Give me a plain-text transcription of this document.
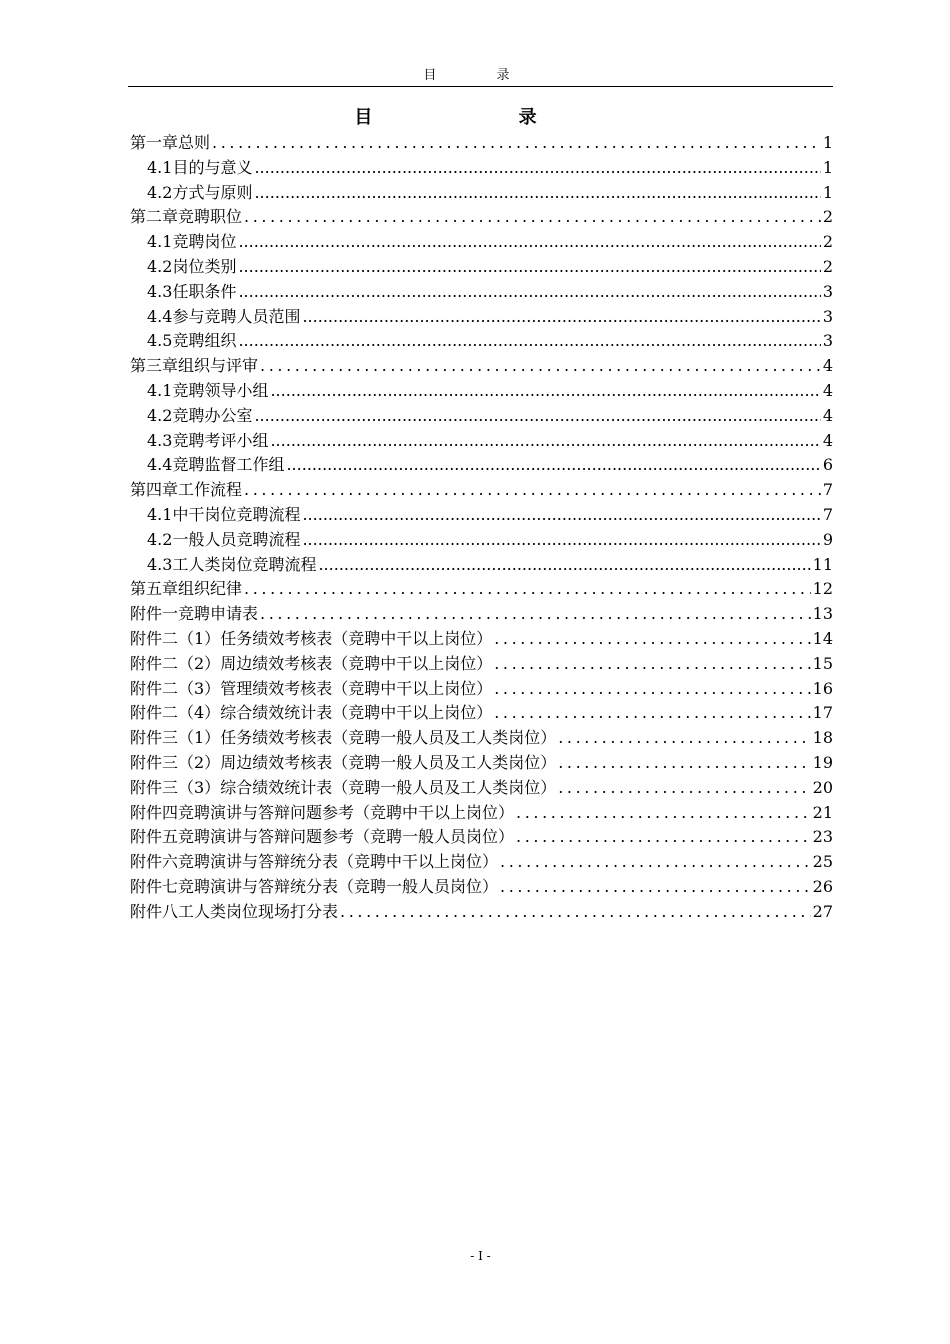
目 录
目 录
第一章 总则 .....	1
4.1 目的与意义 .....	1
4.2 方式与原则 .....	1
第二章 竞聘职位 .....	2
4.1 竞聘岗位 .....	2
4.2 岗位类别 .....	2
4.3 任职条件 .....	3
4.4 参与竞聘人员范围 .....	3
4.5 竞聘组织 .....	3
第三章 组织与评审 .....	4
4.1 竞聘领导小组 .....	4
4.2 竞聘办公室 .....	4
4.3 竞聘考评小组 .....	4
4.4 竞聘监督工作组 .....	6
第四章 工作流程 .....	7
4.1 中干岗位竞聘流程 .....	7
4.2 一般人员竞聘流程 .....	9
4.3 工人类岗位竞聘流程 .....	11
第五章 组织纪律 .....	12
附件一 竞聘申请表 .....	13
附件二（1） 任务绩效考核表（竞聘中干以上岗位） .....	14
附件二（2） 周边绩效考核表（竞聘中干以上岗位） .....	15
附件二（3） 管理绩效考核表（竞聘中干以上岗位） .....	16
附件二（4） 综合绩效统计表（竞聘中干以上岗位） .....	17
附件三（1） 任务绩效考核表（竞聘一般人员及工人类岗位） .....	18
附件三（2） 周边绩效考核表（竞聘一般人员及工人类岗位） .....	19
附件三（3） 综合绩效统计表（竞聘一般人员及工人类岗位） .....	20
附件四 竞聘演讲与答辩问题参考（竞聘中干以上岗位） .....	21
附件五 竞聘演讲与答辩问题参考（竞聘一般人员岗位） .....	23
附件六 竞聘演讲与答辩统分表（竞聘中干以上岗位） .....	25
附件七 竞聘演讲与答辩统分表（竞聘一般人员岗位） .....	26
附件八 工人类岗位现场打分表 .....	27
- I -
